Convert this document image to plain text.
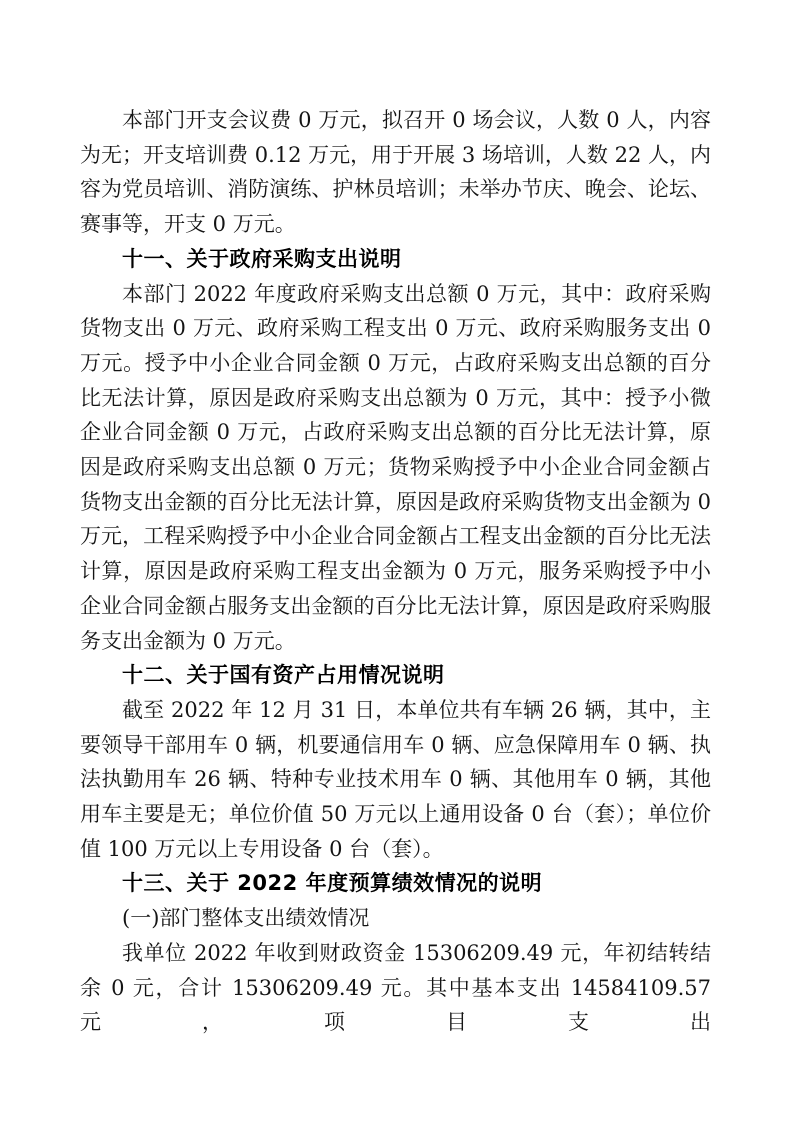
本部门开支会议费 0 万元，拟召开 0 场会议，人数 0 人，内容为无；开支培训费 0.12 万元，用于开展 3 场培训，人数 22 人，内容为党员培训、消防演练、护林员培训；未举办节庆、晚会、论坛、赛事等，开支 0 万元。

十一、关于政府采购支出说明

本部门 2022 年度政府采购支出总额 0 万元，其中：政府采购货物支出 0 万元、政府采购工程支出 0 万元、政府采购服务支出 0 万元。授予中小企业合同金额 0 万元，占政府采购支出总额的百分比无法计算，原因是政府采购支出总额为 0 万元，其中：授予小微企业合同金额 0 万元，占政府采购支出总额的百分比无法计算，原因是政府采购支出总额 0 万元；货物采购授予中小企业合同金额占货物支出金额的百分比无法计算，原因是政府采购货物支出金额为 0 万元，工程采购授予中小企业合同金额占工程支出金额的百分比无法计算，原因是政府采购工程支出金额为 0 万元，服务采购授予中小企业合同金额占服务支出金额的百分比无法计算，原因是政府采购服务支出金额为 0 万元。

十二、关于国有资产占用情况说明

截至 2022 年 12 月 31 日，本单位共有车辆 26 辆，其中，主要领导干部用车 0 辆，机要通信用车 0 辆、应急保障用车 0 辆、执法执勤用车 26 辆、特种专业技术用车 0 辆、其他用车 0 辆，其他用车主要是无；单位价值 50 万元以上通用设备 0 台（套）；单位价值 100 万元以上专用设备 0 台（套）。

十三、关于 2022 年度预算绩效情况的说明

(一)部门整体支出绩效情况

我单位 2022 年收到财政资金 15306209.49 元，年初结转结余 0 元，合计 15306209.49 元。其中基本支出 14584109.57 元，项目支出
